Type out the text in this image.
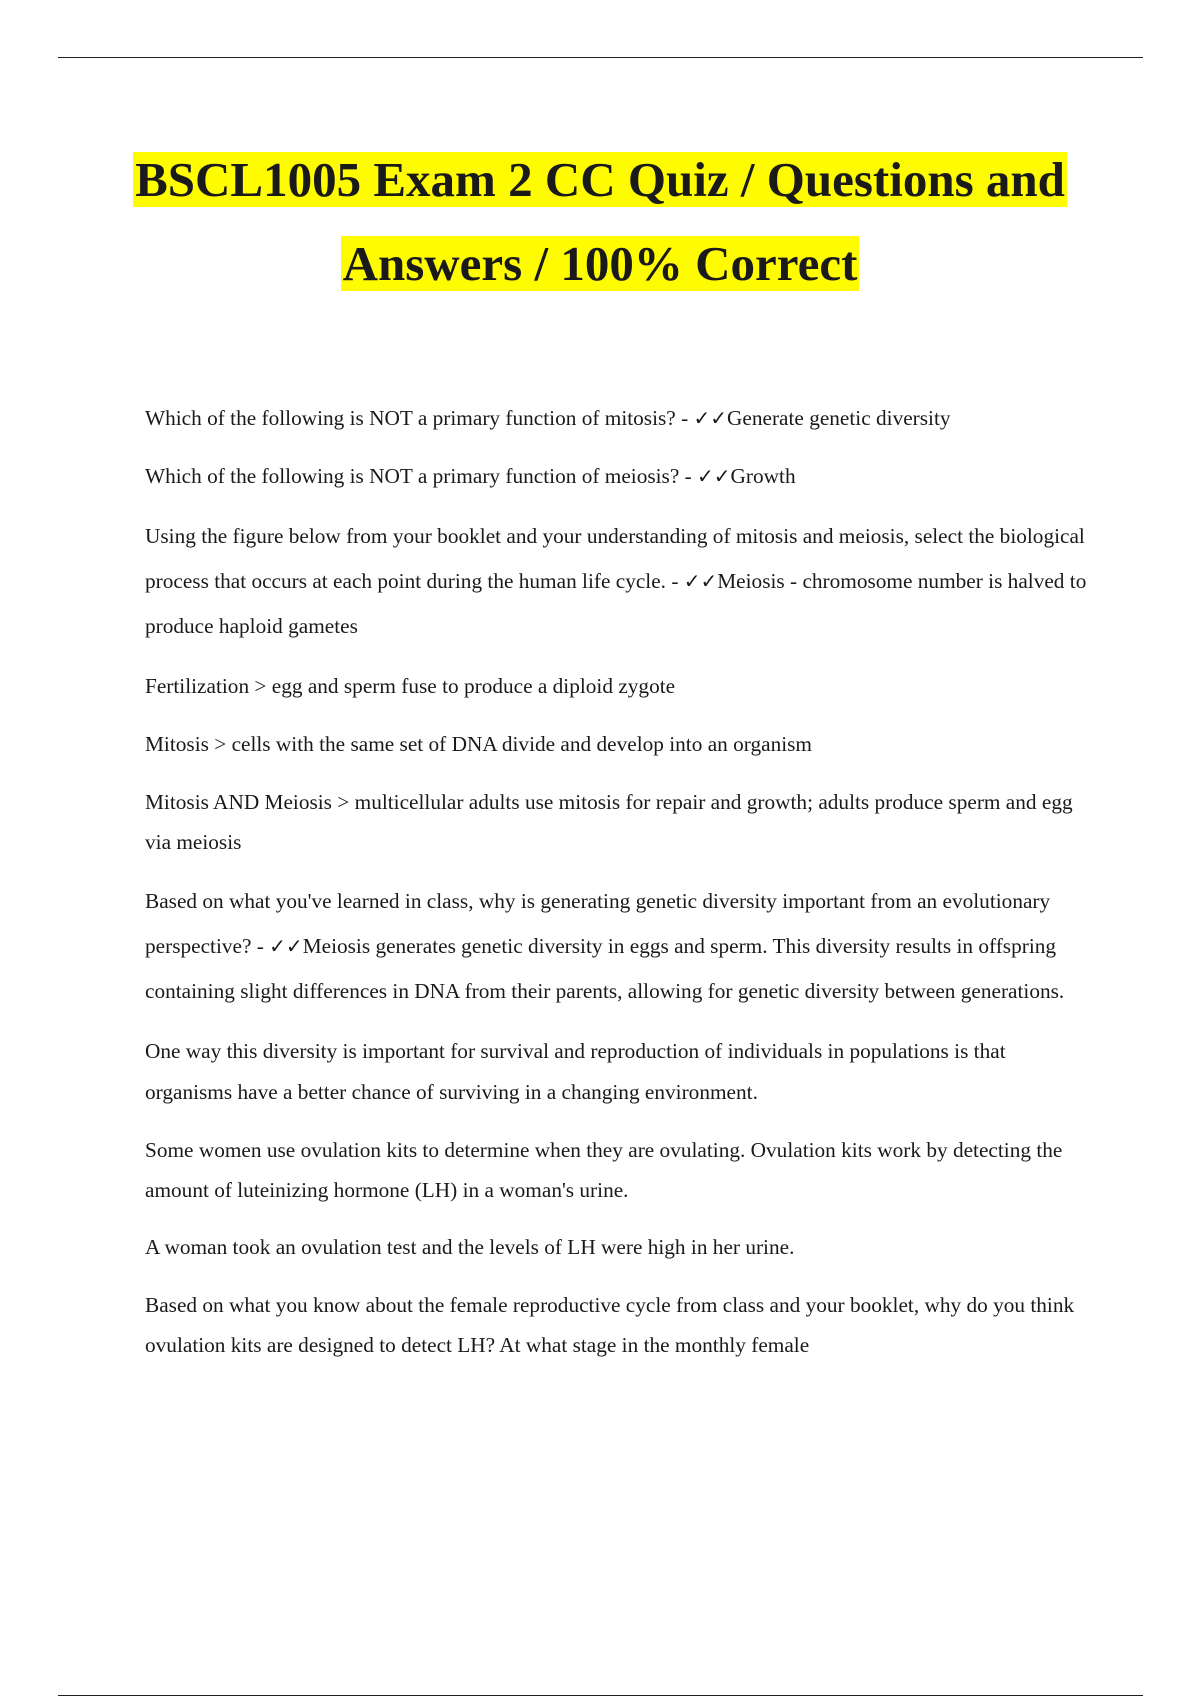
BSCL1005 Exam 2 CC Quiz / Questions and
Answers / 100% Correct

Which of the following is NOT a primary function of mitosis? - ✓✓Generate genetic diversity

Which of the following is NOT a primary function of meiosis? - ✓✓Growth

Using the figure below from your booklet and your understanding of mitosis and meiosis, select the biological process that occurs at each point during the human life cycle. - ✓✓Meiosis - chromosome number is halved to produce haploid gametes

Fertilization > egg and sperm fuse to produce a diploid zygote

Mitosis > cells with the same set of DNA divide and develop into an organism

Mitosis AND Meiosis > multicellular adults use mitosis for repair and growth; adults produce sperm and egg via meiosis

Based on what you've learned in class, why is generating genetic diversity important from an evolutionary perspective? - ✓✓Meiosis generates genetic diversity in eggs and sperm. This diversity results in offspring containing slight differences in DNA from their parents, allowing for genetic diversity between generations.

One way this diversity is important for survival and reproduction of individuals in populations is that organisms have a better chance of surviving in a changing environment.

Some women use ovulation kits to determine when they are ovulating. Ovulation kits work by detecting the amount of luteinizing hormone (LH) in a woman's urine.

A woman took an ovulation test and the levels of LH were high in her urine.

Based on what you know about the female reproductive cycle from class and your booklet, why do you think ovulation kits are designed to detect LH? At what stage in the monthly female
